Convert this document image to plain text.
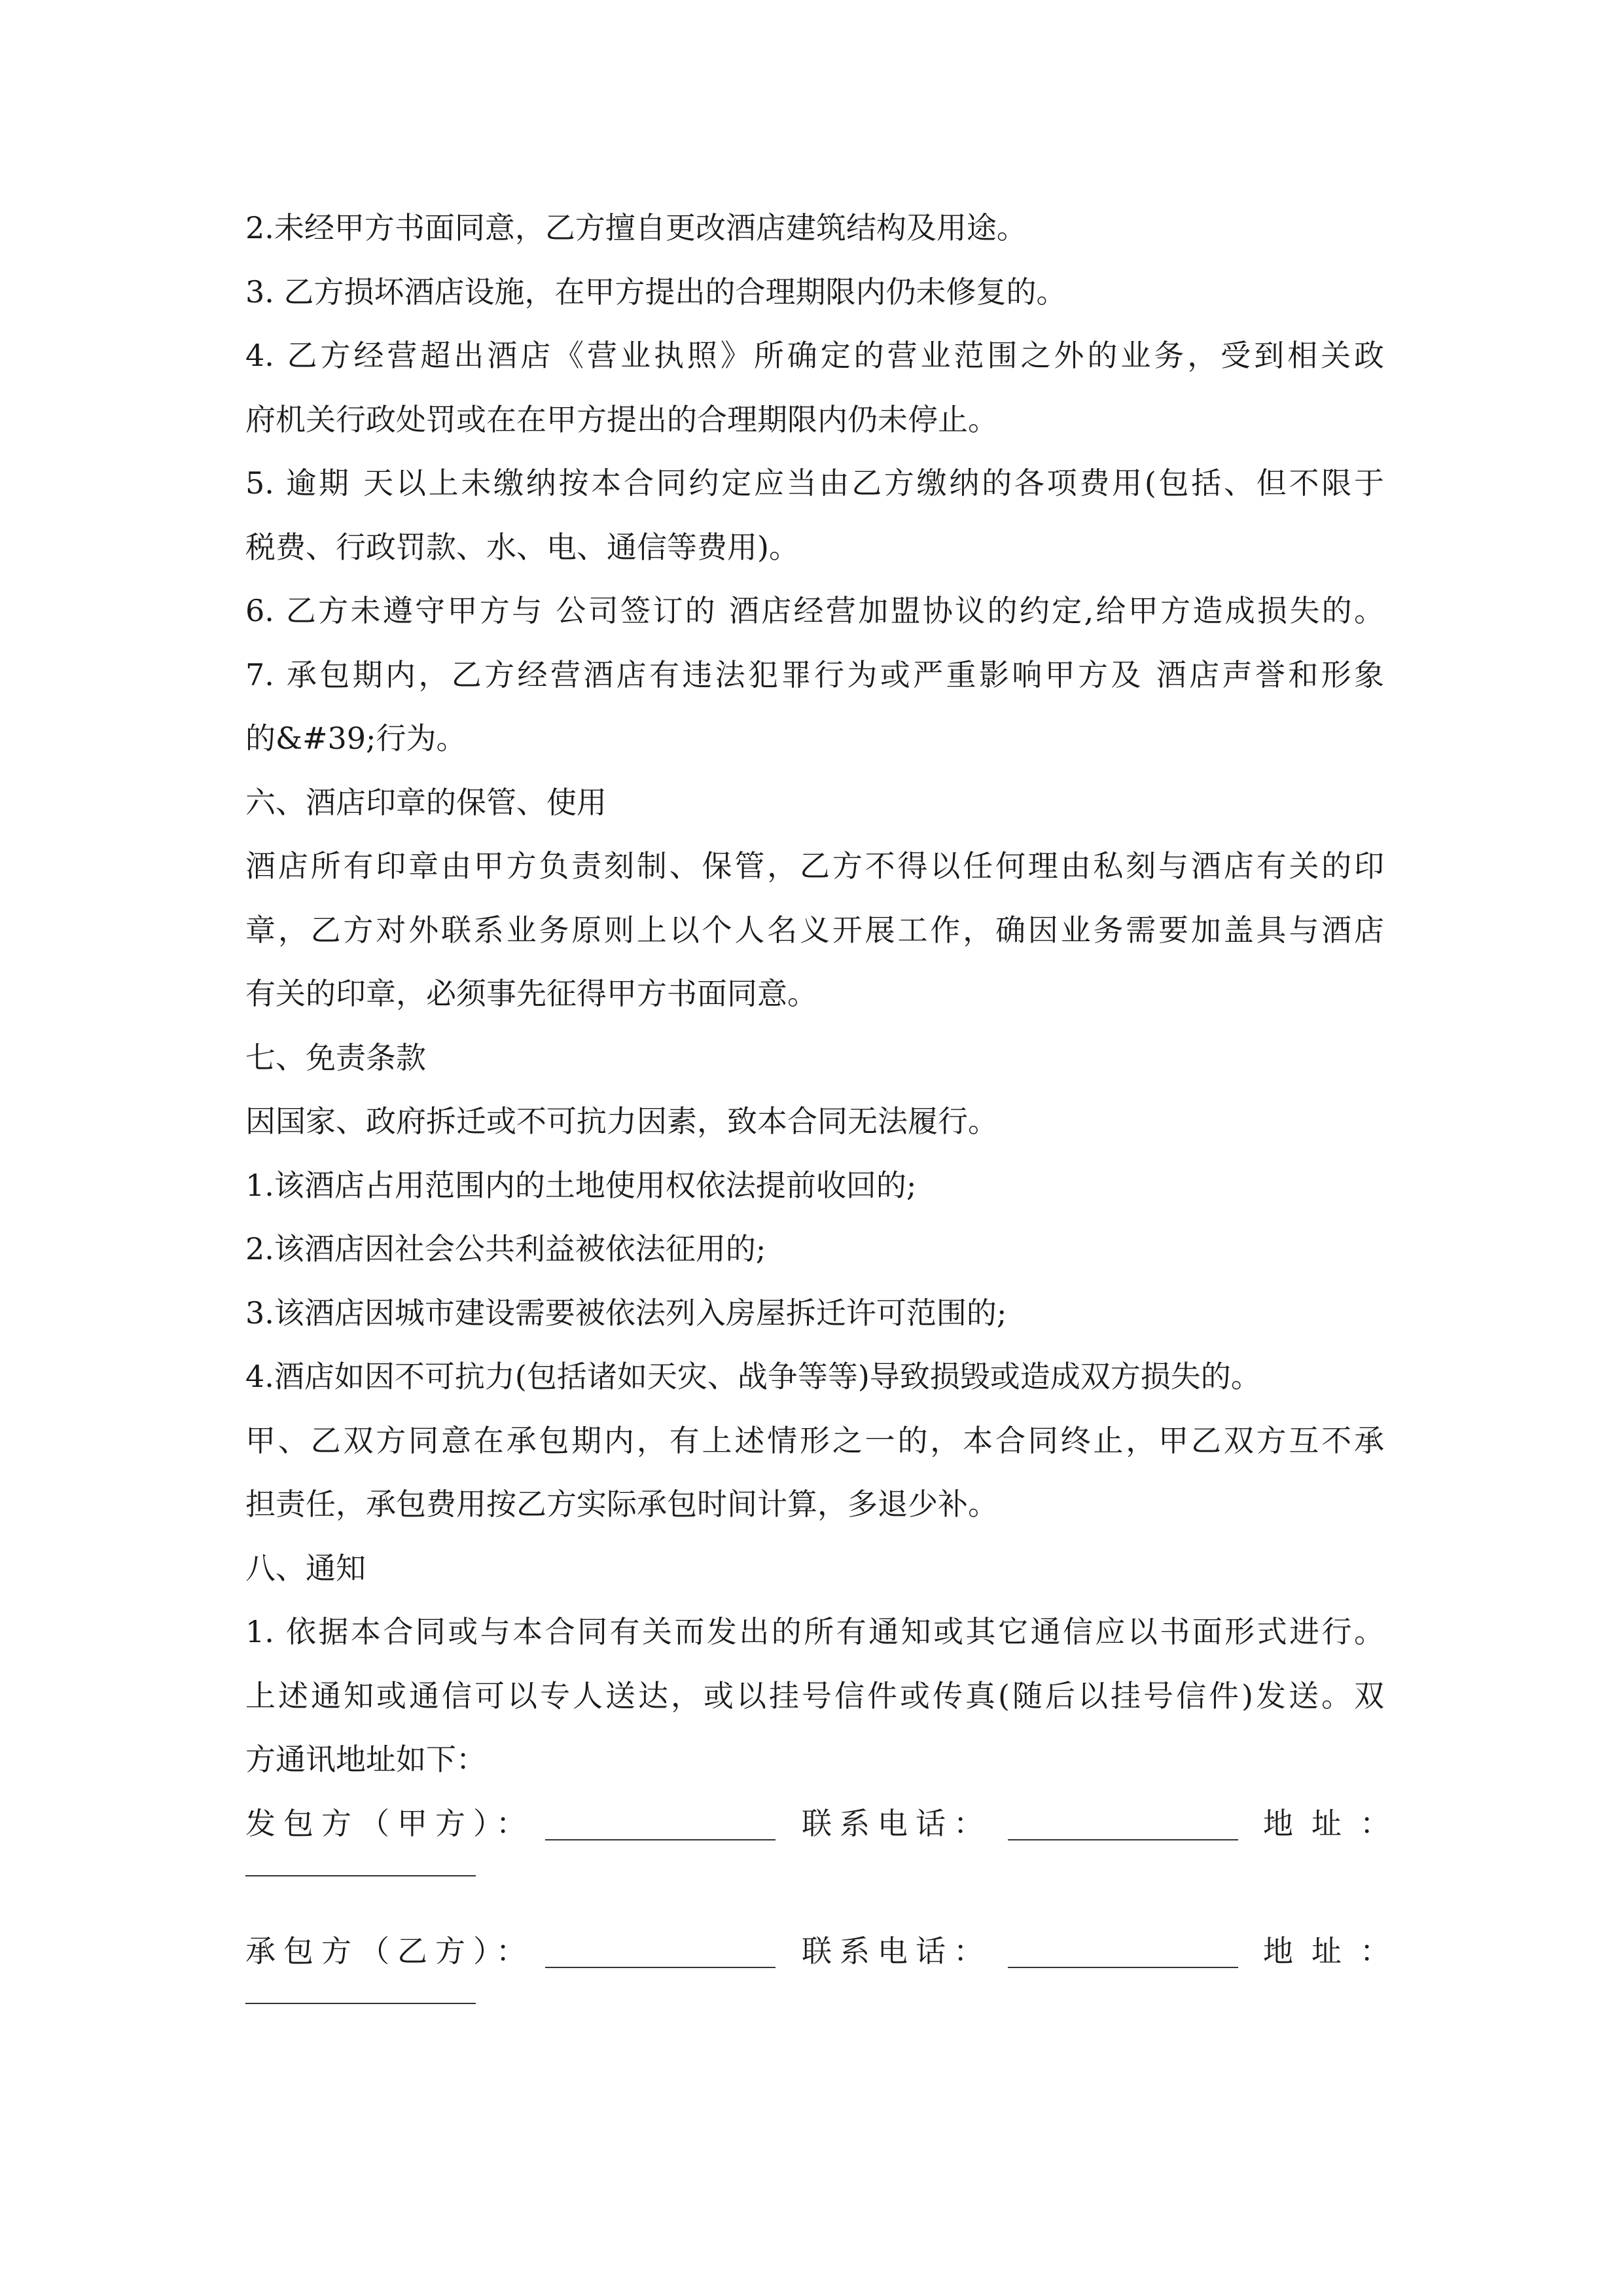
2.未经甲方书面同意，乙方擅自更改酒店建筑结构及用途。
3. 乙方损坏酒店设施，在甲方提出的合理期限内仍未修复的。
4. 乙方经营超出酒店《营业执照》所确定的营业范围之外的业务，受到相关政
府机关行政处罚或在在甲方提出的合理期限内仍未停止。
5. 逾期 天以上未缴纳按本合同约定应当由乙方缴纳的各项费用(包括、但不限于
税费、行政罚款、水、电、通信等费用)。
6. 乙方未遵守甲方与 公司签订的 酒店经营加盟协议的约定,给甲方造成损失的。
7. 承包期内，乙方经营酒店有违法犯罪行为或严重影响甲方及 酒店声誉和形象
的&#39;行为。
六、酒店印章的保管、使用
酒店所有印章由甲方负责刻制、保管，乙方不得以任何理由私刻与酒店有关的印
章，乙方对外联系业务原则上以个人名义开展工作，确因业务需要加盖具与酒店
有关的印章，必须事先征得甲方书面同意。
七、免责条款
因国家、政府拆迁或不可抗力因素，致本合同无法履行。
1.该酒店占用范围内的土地使用权依法提前收回的;
2.该酒店因社会公共利益被依法征用的;
3.该酒店因城市建设需要被依法列入房屋拆迁许可范围的;
4.酒店如因不可抗力(包括诸如天灾、战争等等)导致损毁或造成双方损失的。
甲、乙双方同意在承包期内，有上述情形之一的，本合同终止，甲乙双方互不承
担责任，承包费用按乙方实际承包时间计算，多退少补。
八、通知
1. 依据本合同或与本合同有关而发出的所有通知或其它通信应以书面形式进行。
上述通知或通信可以专人送达，或以挂号信件或传真(随后以挂号信件)发送。双
方通讯地址如下：
发包方（甲方）：	联系电话：	地址：
承包方（乙方）：	联系电话：	地址：
